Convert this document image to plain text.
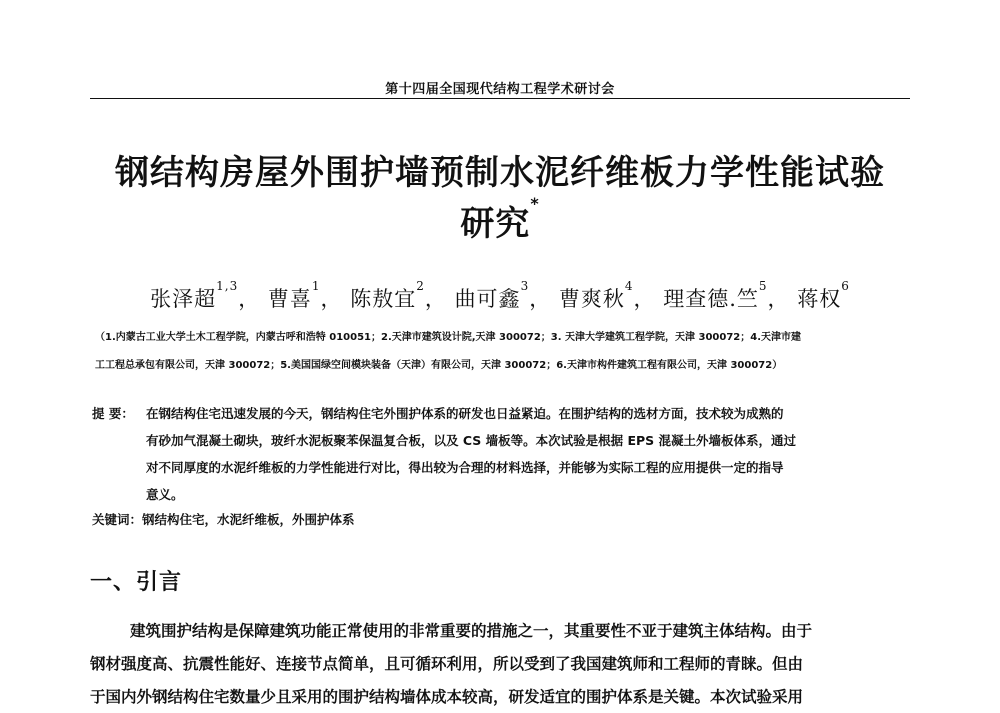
第十四届全国现代结构工程学术研讨会
钢结构房屋外围护墙预制水泥纤维板力学性能试验
研究*
张泽超$^{1,3}$， 曹喜$^1$， 陈敖宜$^2$， 曲可鑫$^3$， 曹爽秋$^4$， 理查德.竺$^5$， 蒋权$^6$
（1.内蒙古工业大学土木工程学院，内蒙古呼和浩特 010051；2.天津市建筑设计院,天津 300072；3. 天津大学建筑工程学院，天津 300072；4.天津市建
工工程总承包有限公司，天津 300072；5.美国国绿空间模块装备（天津）有限公司，天津 300072；6.天津市构件建筑工程有限公司，天津 300072）
提 要： 在钢结构住宅迅速发展的今天，钢结构住宅外围护体系的研发也日益紧迫。在围护结构的选材方面，技术较为成熟的
有砂加气混凝土砌块，玻纤水泥板聚苯保温复合板，以及 CS 墙板等。本次试验是根据 EPS 混凝土外墙板体系，通过
对不同厚度的水泥纤维板的力学性能进行对比，得出较为合理的材料选择，并能够为实际工程的应用提供一定的指导
意义。
关键词：钢结构住宅，水泥纤维板，外围护体系
一、引言
建筑围护结构是保障建筑功能正常使用的非常重要的措施之一，其重要性不亚于建筑主体结构。由于
钢材强度高、抗震性能好、连接节点简单，且可循环利用，所以受到了我国建筑师和工程师的青睐。但由
于国内外钢结构住宅数量少且采用的围护结构墙体成本较高，研发适宜的围护体系是关键。本次试验采用
